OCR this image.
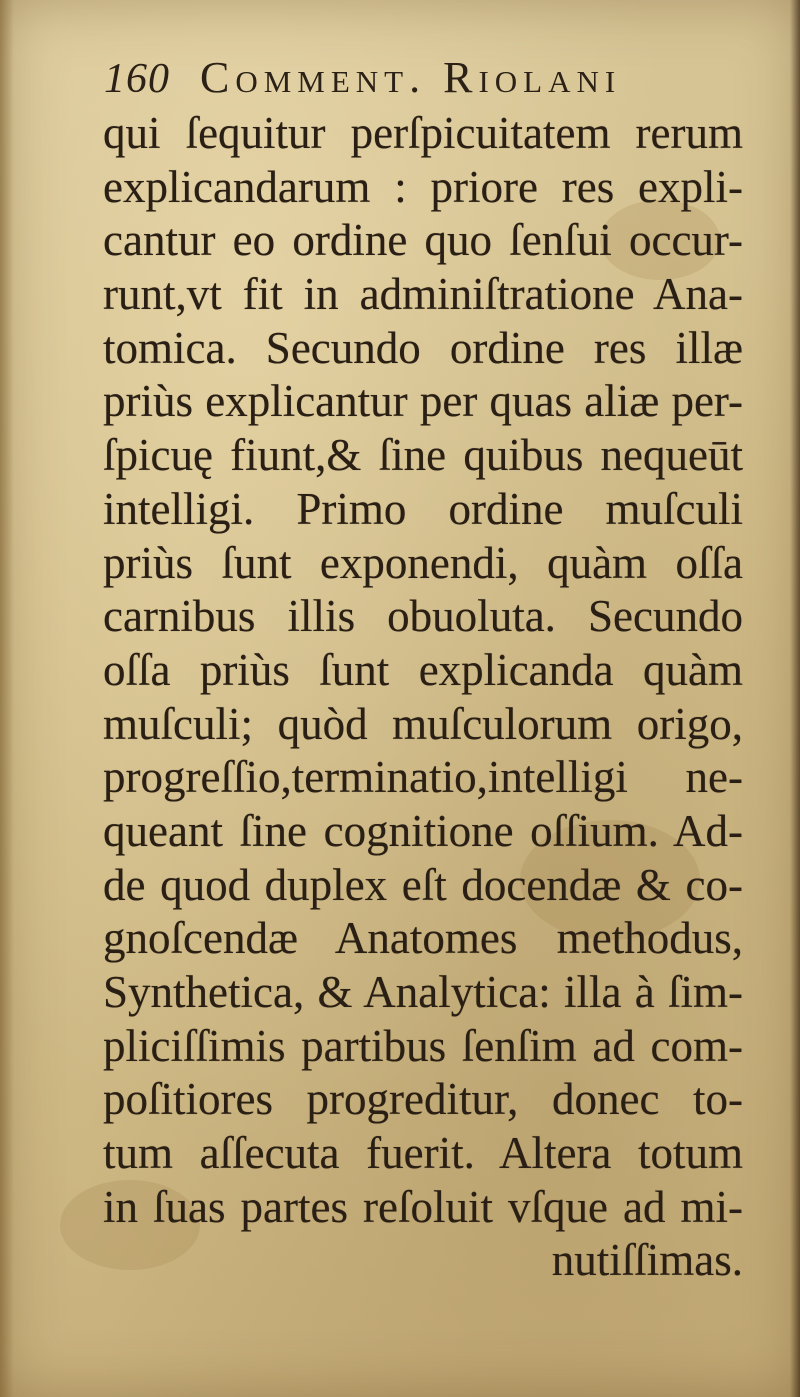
160 Comment. Riolani
qui ſequitur perſpicuitatem rerum
explicandarum : priore res expli-
cantur eo ordine quo ſenſui occur-
runt,vt fit in adminiſtratione Ana-
tomica. Secundo ordine res illæ
priùs explicantur per quas aliæ per-
ſpicuę fiunt,& ſine quibus nequeūt
intelligi. Primo ordine muſculi
priùs ſunt exponendi, quàm oſſa
carnibus illis obuoluta. Secundo
oſſa priùs ſunt explicanda quàm
muſculi; quòd muſculorum origo,
progreſſio,terminatio,intelligi ne-
queant ſine cognitione oſſium. Ad-
de quod duplex eſt docendæ & co-
gnoſcendæ Anatomes methodus,
Synthetica, & Analytica: illa à ſim-
pliciſſimis partibus ſenſim ad com-
poſitiores progreditur, donec to-
tum aſſecuta fuerit. Altera totum
in ſuas partes reſoluit vſque ad mi-
nutiſſimas.
